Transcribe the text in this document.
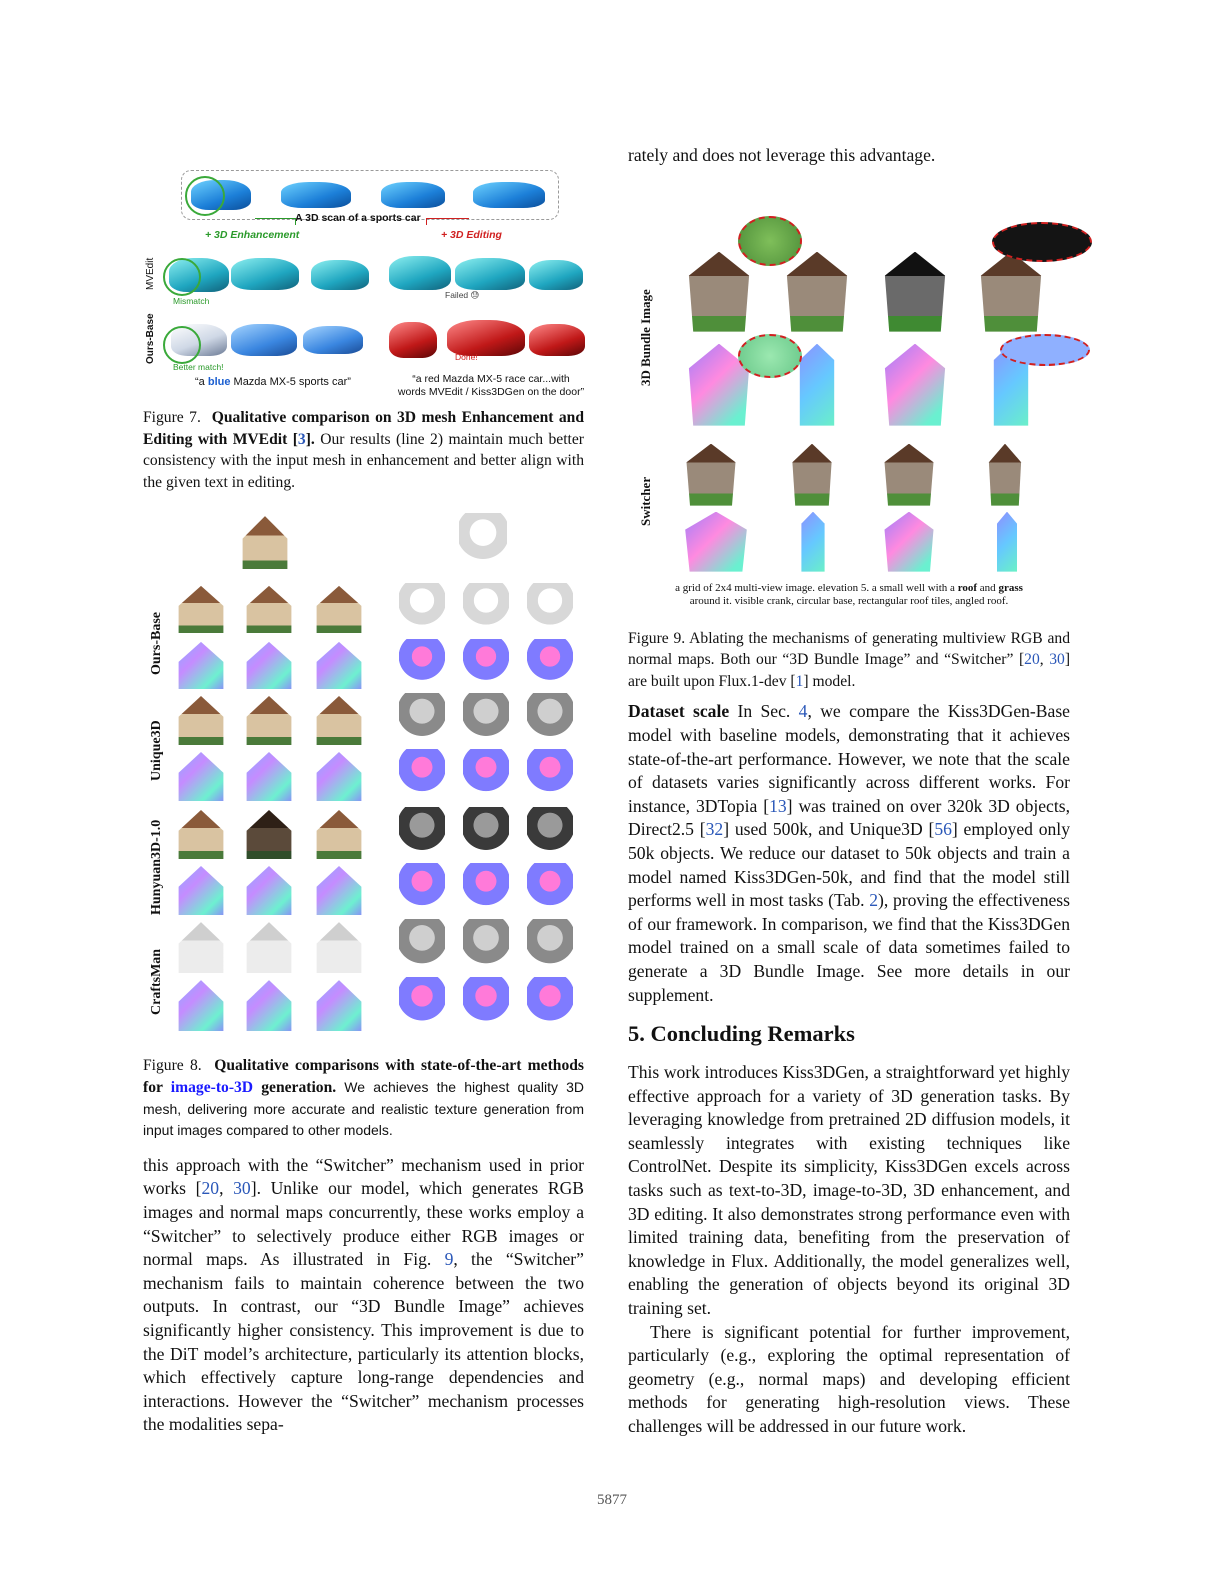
A 3D scan of a sports car
+ 3D Enhancement	+ 3D Editing
MVEdit
Ours-Base
Mismatch
Failed 😓
Better match!
Done!
“a blue Mazda MX-5 sports car”	“a red Mazda MX-5 race car...with
words MVEdit / Kiss3DGen on the door”

Figure 7. Qualitative comparison on 3D mesh Enhancement and Editing with MVEdit [3]. Our results (line 2) maintain much better consistency with the input mesh in enhancement and better align with the given text in editing.

Ours-Base
Unique3D
Hunyuan3D-1.0
CraftsMan

Figure 8. Qualitative comparisons with state-of-the-art methods for image-to-3D generation. We achieves the highest quality 3D mesh, delivering more accurate and realistic texture generation from input images compared to other models.

this approach with the “Switcher” mechanism used in prior works [20, 30]. Unlike our model, which generates RGB images and normal maps concurrently, these works employ a “Switcher” to selectively produce either RGB images or normal maps. As illustrated in Fig. 9, the “Switcher” mechanism fails to maintain coherence between the two outputs. In contrast, our “3D Bundle Image” achieves significantly higher consistency. This improvement is due to the DiT model’s architecture, particularly its attention blocks, which effectively capture long-range dependencies and interactions. However the “Switcher” mechanism processes the modalities sepa-

rately and does not leverage this advantage.

3D Bundle Image
Switcher
a grid of 2x4 multi-view image. elevation 5. a small well with a roof and grass
around it. visible crank, circular base, rectangular roof tiles, angled roof.

Figure 9. Ablating the mechanisms of generating multiview RGB and normal maps. Both our “3D Bundle Image” and “Switcher” [20, 30] are built upon Flux.1-dev [1] model.

Dataset scale In Sec. 4, we compare the Kiss3DGen-Base model with baseline models, demonstrating that it achieves state-of-the-art performance. However, we note that the scale of datasets varies significantly across different works. For instance, 3DTopia [13] was trained on over 320k 3D objects, Direct2.5 [32] used 500k, and Unique3D [56] employed only 50k objects. We reduce our dataset to 50k objects and train a model named Kiss3DGen-50k, and find that the model still performs well in most tasks (Tab. 2), proving the effectiveness of our framework. In comparison, we find that the Kiss3DGen model trained on a small scale of data sometimes failed to generate a 3D Bundle Image. See more details in our supplement.

5. Concluding Remarks

This work introduces Kiss3DGen, a straightforward yet highly effective approach for a variety of 3D generation tasks. By leveraging knowledge from pretrained 2D diffusion models, it seamlessly integrates with existing techniques like ControlNet. Despite its simplicity, Kiss3DGen excels across tasks such as text-to-3D, image-to-3D, 3D enhancement, and 3D editing. It also demonstrates strong performance even with limited training data, benefiting from the preservation of knowledge in Flux. Additionally, the model generalizes well, enabling the generation of objects beyond its original 3D training set.

There is significant potential for further improvement, particularly (e.g., exploring the optimal representation of geometry (e.g., normal maps) and developing efficient methods for generating high-resolution views. These challenges will be addressed in our future work.

5877
